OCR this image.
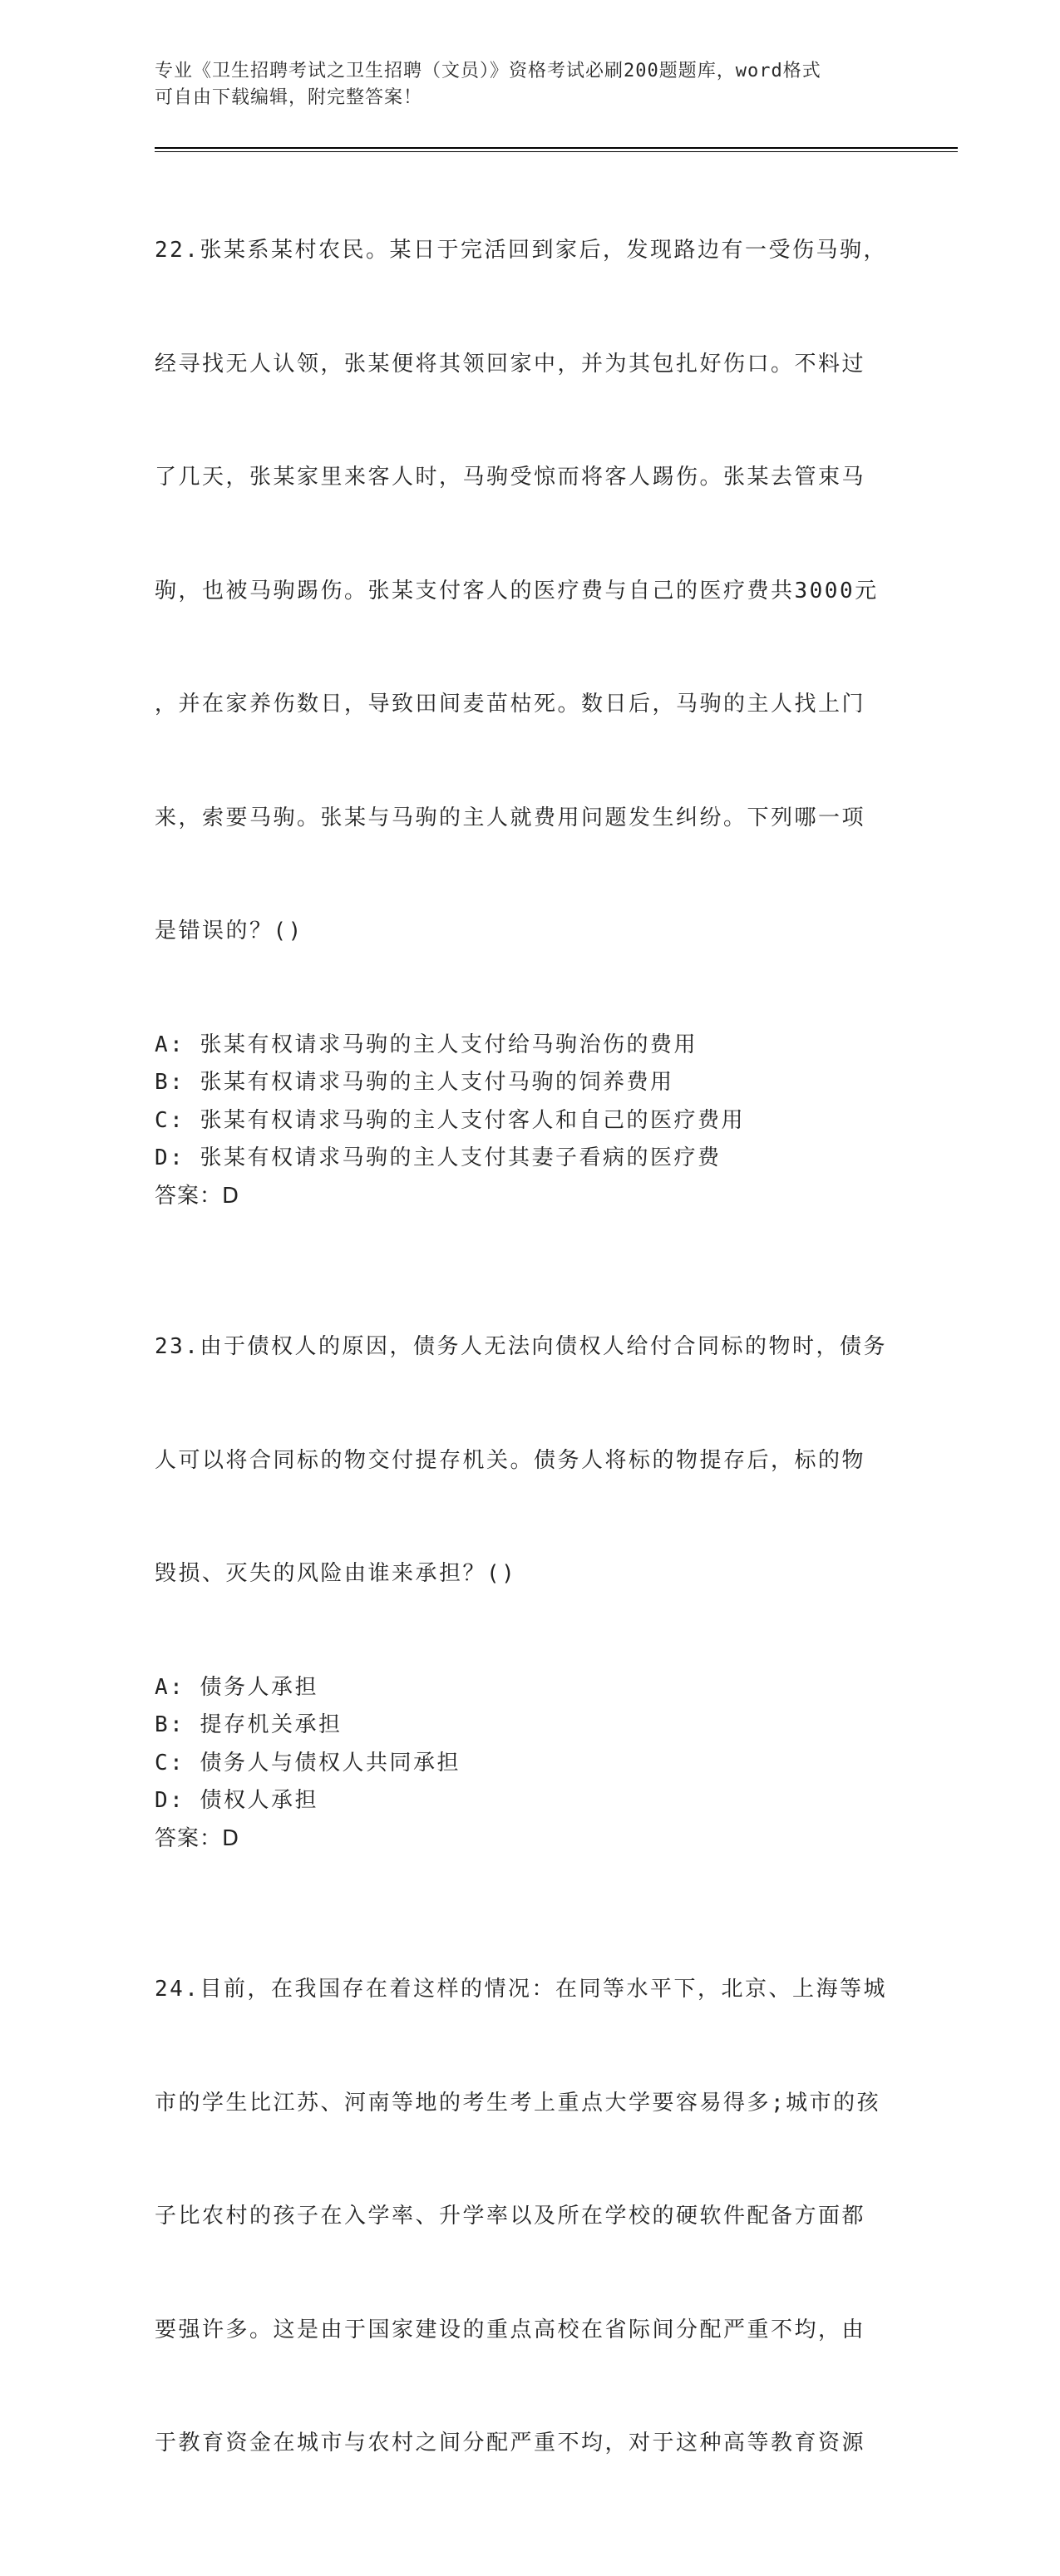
专业《卫生招聘考试之卫生招聘（文员）》资格考试必刷200题题库，word格式
可自由下载编辑，附完整答案！

22.张某系某村农民。某日于完活回到家后，发现路边有一受伤马驹，

经寻找无人认领，张某便将其领回家中，并为其包扎好伤口。不料过

了几天，张某家里来客人时，马驹受惊而将客人踢伤。张某去管束马

驹，也被马驹踢伤。张某支付客人的医疗费与自己的医疗费共3000元

，并在家养伤数日，导致田间麦苗枯死。数日后，马驹的主人找上门

来，索要马驹。张某与马驹的主人就费用问题发生纠纷。下列哪一项

是错误的？()

A: 张某有权请求马驹的主人支付给马驹治伤的费用
B: 张某有权请求马驹的主人支付马驹的饲养费用
C: 张某有权请求马驹的主人支付客人和自己的医疗费用
D: 张某有权请求马驹的主人支付其妻子看病的医疗费
答案：D

23.由于债权人的原因，债务人无法向债权人给付合同标的物时，债务

人可以将合同标的物交付提存机关。债务人将标的物提存后，标的物

毁损、灭失的风险由谁来承担？()

A: 债务人承担
B: 提存机关承担
C: 债务人与债权人共同承担
D: 债权人承担
答案：D

24.目前，在我国存在着这样的情况：在同等水平下，北京、上海等城

市的学生比江苏、河南等地的考生考上重点大学要容易得多;城市的孩

子比农村的孩子在入学率、升学率以及所在学校的硬软件配备方面都

要强许多。这是由于国家建设的重点高校在省际间分配严重不均，由

于教育资金在城市与农村之间分配严重不均，对于这种高等教育资源
